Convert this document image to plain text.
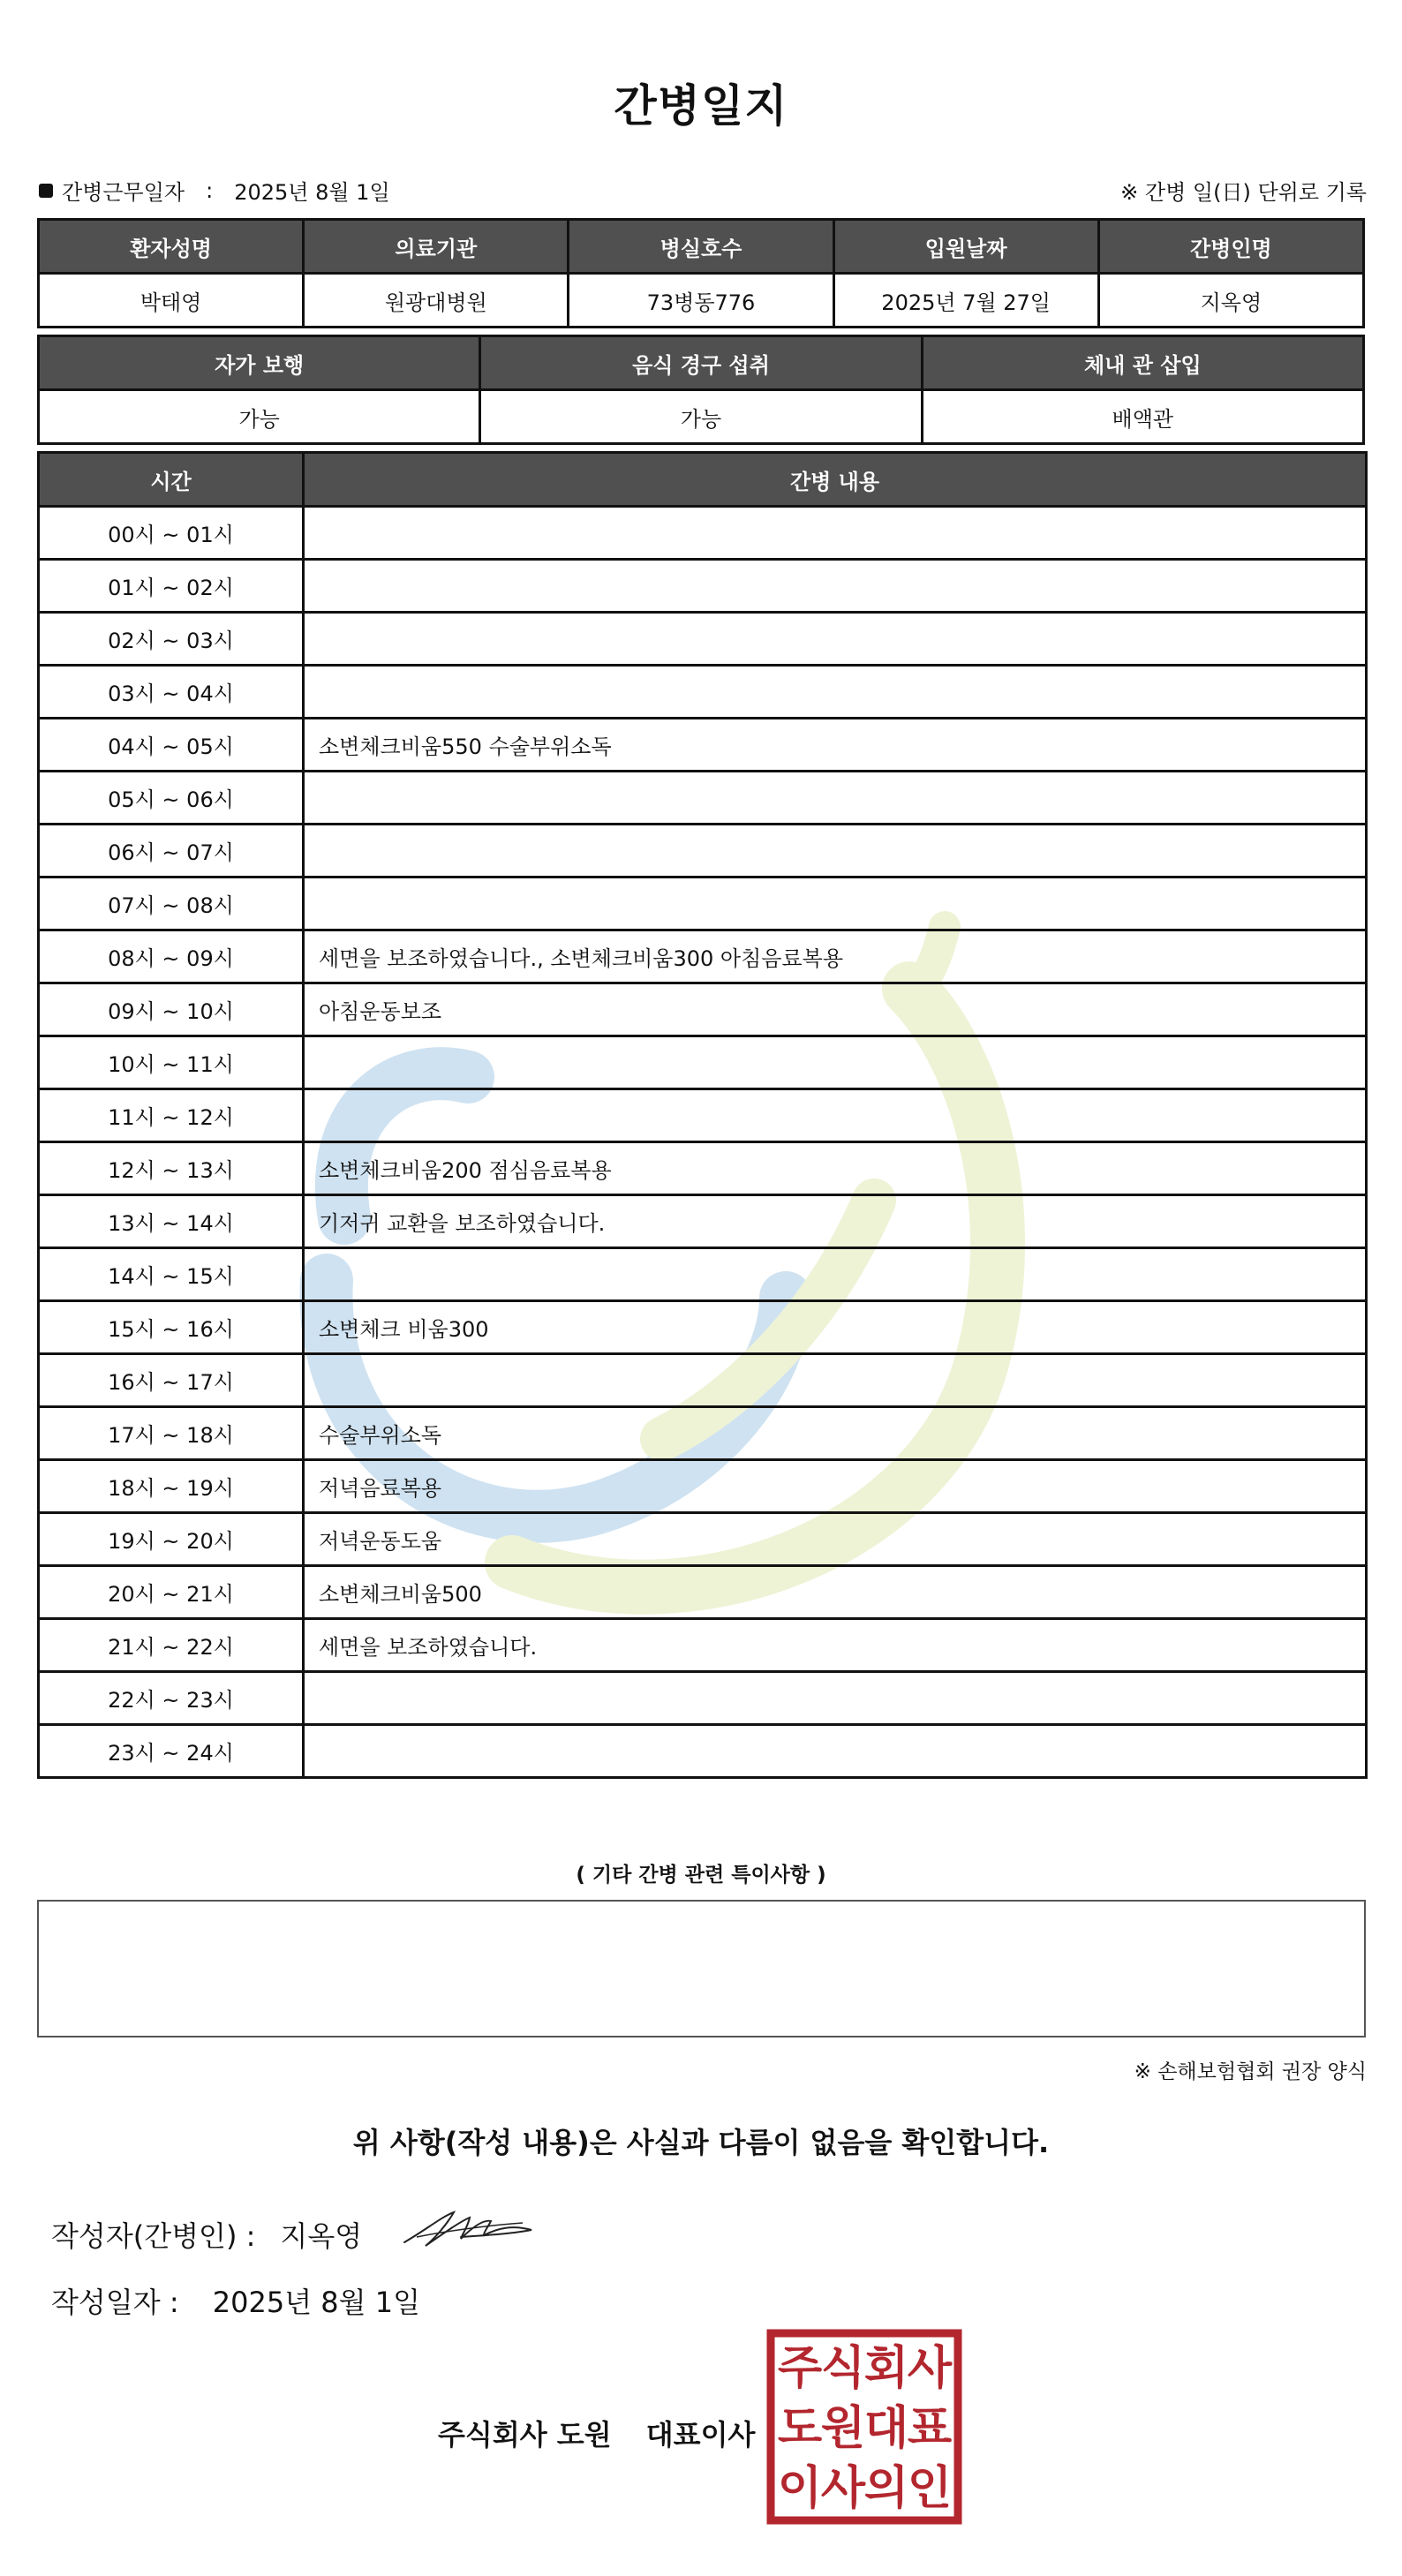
간병일지
간병근무일자 : 2025년 8월 1일	※ 간병 일(日) 단위로 기록
환자성명	의료기관	병실호수	입원날짜	간병인명
박태영	원광대병원	73병동776	2025년 7월 27일	지옥영
자가 보행	음식 경구 섭취	체내 관 삽입
가능	가능	배액관
시간	간병 내용
00시 ~ 01시	
01시 ~ 02시	
02시 ~ 03시	
03시 ~ 04시	
04시 ~ 05시	소변체크비움550 수술부위소독
05시 ~ 06시	
06시 ~ 07시	
07시 ~ 08시	
08시 ~ 09시	세면을 보조하였습니다., 소변체크비움300 아침음료복용
09시 ~ 10시	아침운동보조
10시 ~ 11시	
11시 ~ 12시	
12시 ~ 13시	소변체크비움200 점심음료복용
13시 ~ 14시	기저귀 교환을 보조하였습니다.
14시 ~ 15시	
15시 ~ 16시	소변체크 비움300
16시 ~ 17시	
17시 ~ 18시	수술부위소독
18시 ~ 19시	저녁음료복용
19시 ~ 20시	저녁운동도움
20시 ~ 21시	소변체크비움500
21시 ~ 22시	세면을 보조하였습니다.
22시 ~ 23시	
23시 ~ 24시	
( 기타 간병 관련 특이사항 )
※ 손해보험협회 권장 양식
위 사항(작성 내용)은 사실과 다름이 없음을 확인합니다.
작성자(간병인) : 지옥영
작성일자 : 2025년 8월 1일
주식회사 도원 대표이사
주
식
회
사
도
원
대
표
이
사
의
인
